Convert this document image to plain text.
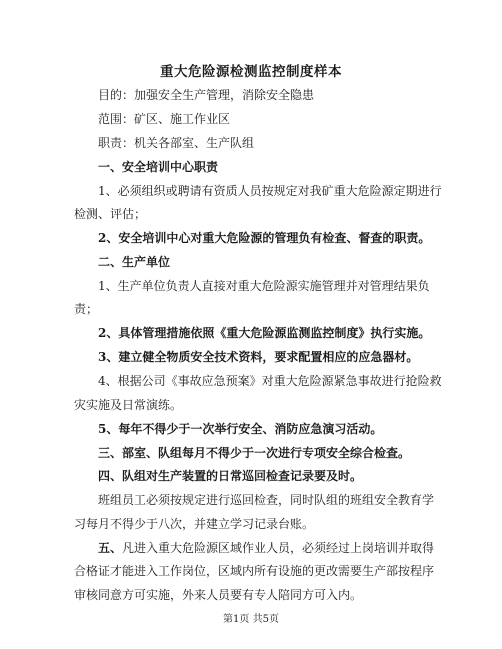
重大危险源检测监控制度样本
目的：加强安全生产管理，消除安全隐患
范围：矿区、施工作业区
职责：机关各部室、生产队组
一、安全培训中心职责
1、必须组织或聘请有资质人员按规定对我矿重大危险源定期进行
检测、评估；
2、安全培训中心对重大危险源的管理负有检查、督查的职责。
二、生产单位
1、生产单位负责人直接对重大危险源实施管理并对管理结果负
责；
2、具体管理措施依照《重大危险源监测监控制度》执行实施。
3、建立健全物质安全技术资料，要求配置相应的应急器材。
4、根据公司《事故应急预案》对重大危险源紧急事故进行抢险救
灾实施及日常演练。
5、每年不得少于一次举行安全、消防应急演习活动。
三、部室、队组每月不得少于一次进行专项安全综合检查。
四、队组对生产装置的日常巡回检查记录要及时。
班组员工必须按规定进行巡回检查，同时队组的班组安全教育学
习每月不得少于八次，并建立学习记录台账。
五、凡进入重大危险源区域作业人员，必须经过上岗培训并取得
合格证才能进入工作岗位，区域内所有设施的更改需要生产部按程序
审核同意方可实施，外来人员要有专人陪同方可入内。
第1页 共5页
